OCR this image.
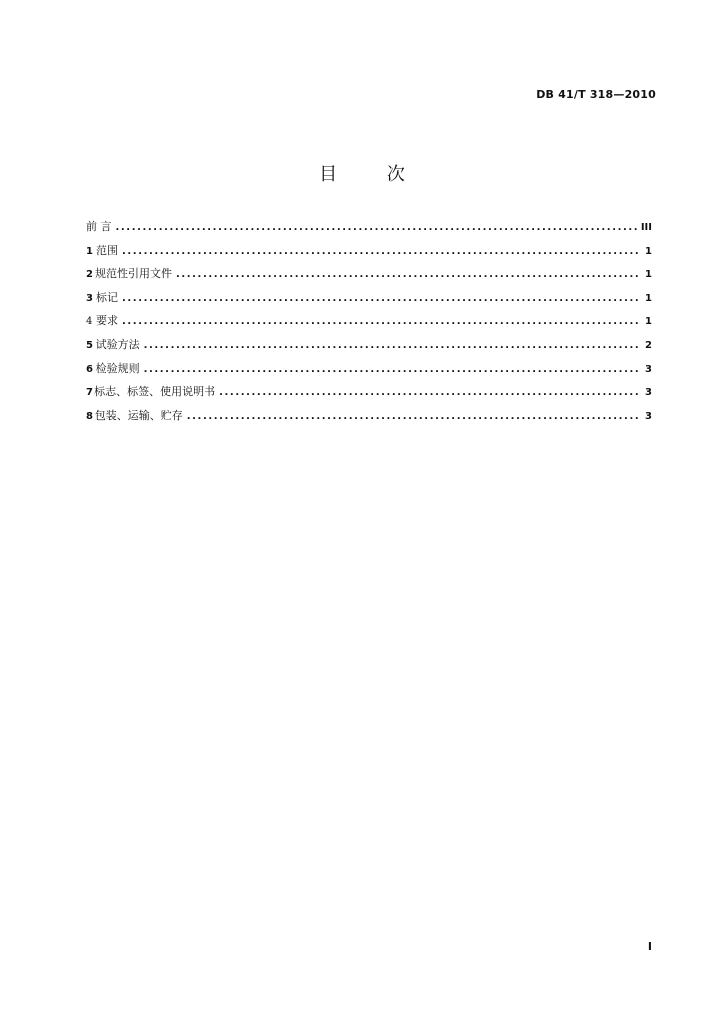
DB 41/T 318—2010
目	次
前 言 .....	III
1 范围 .....	1
2 规范性引用文件 .....	1
3 标记 .....	1
4 要求 .....	1
5 试验方法 .....	2
6 检验规则 .....	3
7 标志、标签、使用说明书 .....	3
8 包装、运输、贮存 .....	3
I
